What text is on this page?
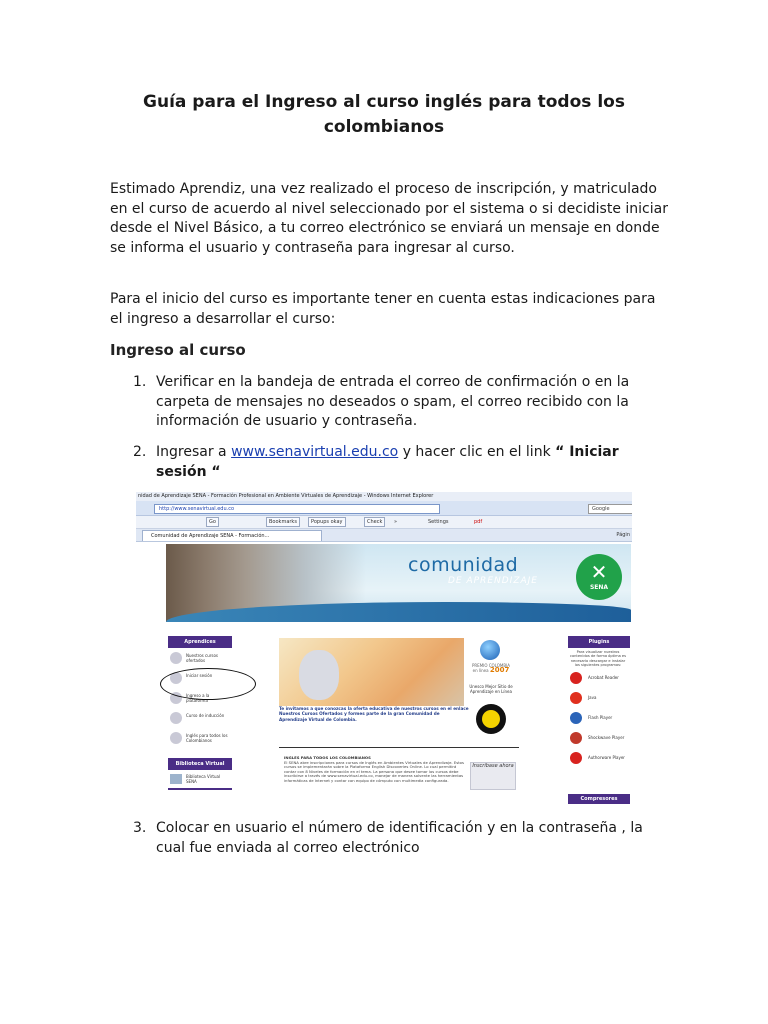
Guía para el Ingreso al curso inglés para todos los colombianos

Estimado Aprendiz, una vez realizado el proceso de inscripción, y matriculado en el curso de acuerdo al nivel seleccionado por el sistema o si decidiste iniciar desde el Nivel Básico, a tu correo electrónico se enviará un mensaje en donde se informa el usuario y contraseña para ingresar al curso.

Para el inicio del curso es importante tener en cuenta estas indicaciones para el ingreso a desarrollar el curso:

Ingreso al curso
1. Verificar en la bandeja de entrada el correo de confirmación o en la carpeta de mensajes no deseados o spam, el correo recibido con la información de usuario y contraseña.
2. Ingresar a www.senavirtual.edu.co y hacer clic en el link “ Iniciar sesión “
nidad de Aprendizaje SENA - Formación Profesional en Ambiente Virtuales de Aprendizaje - Windows Internet Explorer
http://www.senavirtual.edu.co	Google
Go	Bookmarks	Popups okay	Check	»	Settings	pdf
Comunidad de Aprendizaje SENA - Formación...	Págin
comunidad
DE APRENDIZAJE	✕
SENA
Aprendices
Nuestros cursos ofertados
Iniciar sesión
Ingreso a la plataforma
Curso de inducción
Inglés para todos los Colombianos
Biblioteca Virtual
Biblioteca Virtual SENA
Te invitamos a que conozcas la oferta educativa de nuestros cursos en el enlace Nuestros Cursos Ofertados y formes parte de la gran Comunidad de Aprendizaje Virtual de Colombia.
INGLES PARA TODOS LOS COLOMBIANOS
El SENA abre inscripciones para cursos de Inglés en Ambientes Virtuales de Aprendizaje. Estos cursos se implementarán sobre la Plataforma English Discoveries Online. Lo cual permitirá contar con 8 Niveles de formación en el tema. La persona que desee tomar los cursos debe inscribirse a través de www.senavirtual.edu.co, manejar de manera solvente las herramientas informáticas de Internet y contar con equipo de cómputo con multimedia configurada.
Inscribase ahora
PREMIO COLOMBIA en línea 2007
Unesco Mejor Sitio de Aprendizaje en Línea
Plugins
Para visualizar nuestros contenidos de forma óptima es necesario descargar e instalar los siguientes programas:
Acrobat Reader
Java
Flash Player
Shockwave Player
Authorware Player
Compresores
3. Colocar en usuario el número de identificación y en la contraseña , la cual fue enviada al correo electrónico
